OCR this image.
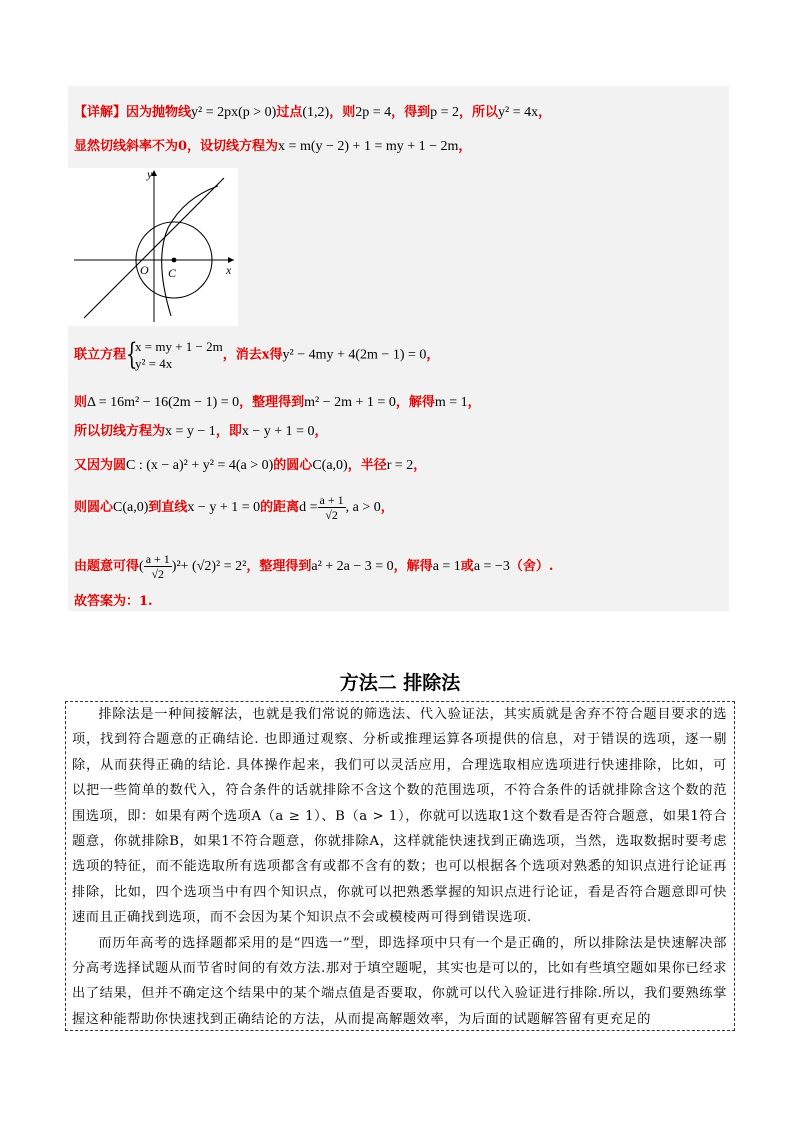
【详解】因为抛物线y² = 2px(p > 0)过点(1,2)，则2p = 4，得到p = 2，所以y² = 4x，
显然切线斜率不为0，设切线方程为x = m(y − 2) + 1 = my + 1 − 2m，
y
x
O C
联立方程 {
x = my + 1 − 2m
y² = 4x
，消去x得y² − 4my + 4(2m − 1) = 0，
则Δ = 16m² − 16(2m − 1) = 0，整理得到m² − 2m + 1 = 0，解得m = 1，
所以切线方程为x = y − 1，即x − y + 1 = 0，
又因为圆C : (x − a)² + y² = 4(a > 0)的圆心C(a,0)，半径r = 2，
则圆心C(a,0)到直线x − y + 1 = 0的距离$d = \frac{a + 1}{√2}$ , a > 0，
由题意可得( $\frac{a + 1}{√2} )^2+ (√2)^2 = 2^2$，整理得到a² + 2a − 3 = 0，解得a = 1或a = −3（舍）.
故答案为：1.
方法二 排除法

排除法是一种间接解法，也就是我们常说的筛选法、代入验证法，其实质就是舍弃不符合题目要求的选项，找到符合题意的正确结论. 也即通过观察、分析或推理运算各项提供的信息，对于错误的选项，逐一剔除，从而获得正确的结论. 具体操作起来，我们可以灵活应用，合理选取相应选项进行快速排除，比如，可以把一些简单的数代入，符合条件的话就排除不含这个数的范围选项，不符合条件的话就排除含这个数的范围选项，即：如果有两个选项A（a ≥ 1）、B（a > 1），你就可以选取1这个数看是否符合题意，如果1符合题意，你就排除B，如果1不符合题意，你就排除A，这样就能快速找到正确选项，当然，选取数据时要考虑选项的特征，而不能选取所有选项都含有或都不含有的数；也可以根据各个选项对熟悉的知识点进行论证再排除，比如，四个选项当中有四个知识点，你就可以把熟悉掌握的知识点进行论证，看是否符合题意即可快速而且正确找到选项，而不会因为某个知识点不会或模棱两可得到错误选项.

而历年高考的选择题都采用的是“四选一”型，即选择项中只有一个是正确的，所以排除法是快速解决部分高考选择试题从而节省时间的有效方法.那对于填空题呢，其实也是可以的，比如有些填空题如果你已经求出了结果，但并不确定这个结果中的某个端点值是否要取，你就可以代入验证进行排除.所以，我们要熟练掌握这种能帮助你快速找到正确结论的方法，从而提高解题效率，为后面的试题解答留有更充足的
